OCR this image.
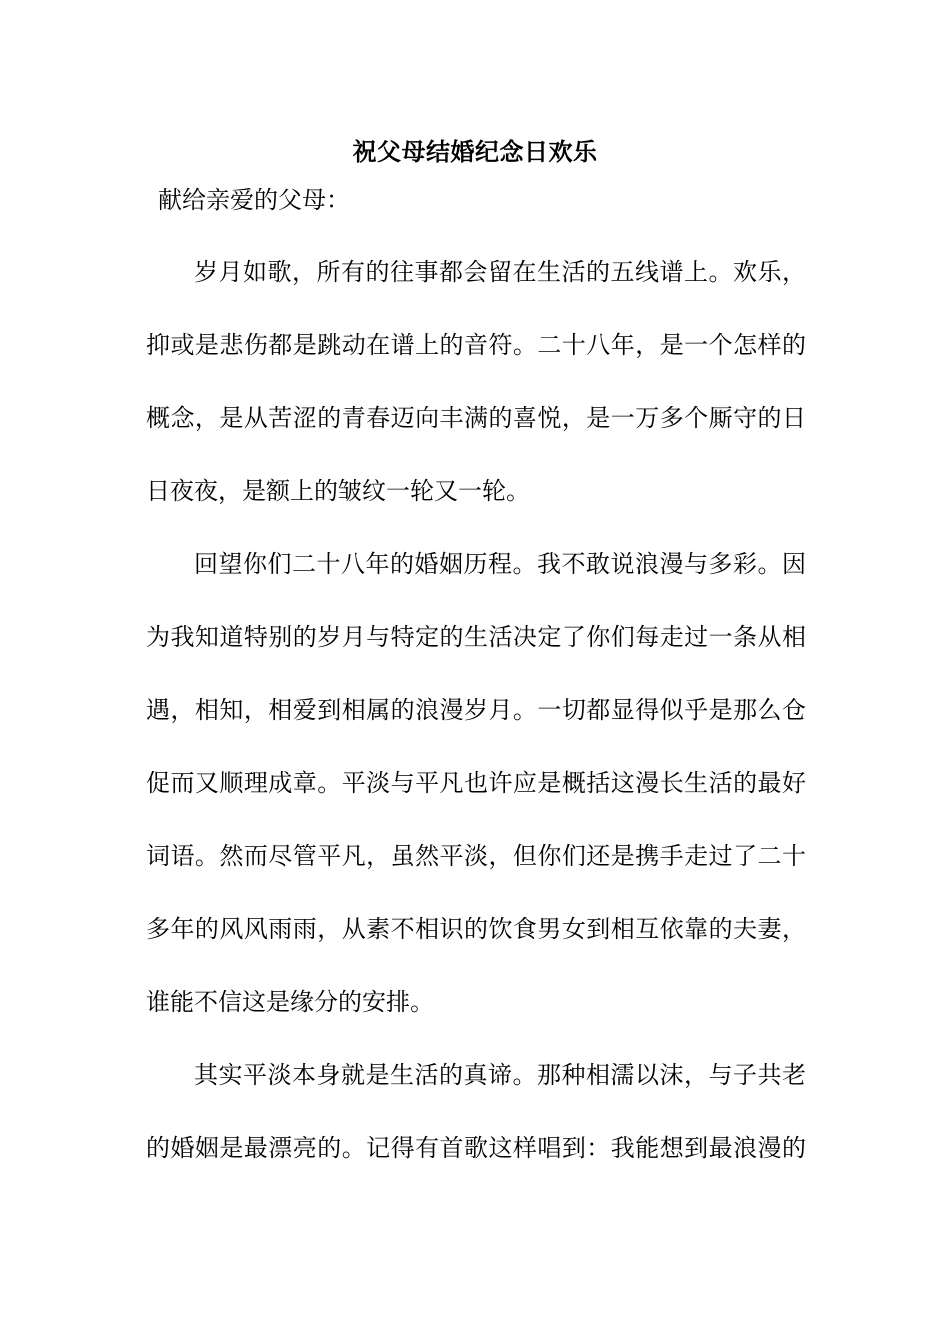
祝父母结婚纪念日欢乐
献给亲爱的父母：
岁月如歌，所有的往事都会留在生活的五线谱上。欢乐，
抑或是悲伤都是跳动在谱上的音符。二十八年，是一个怎样的
概念，是从苦涩的青春迈向丰满的喜悦，是一万多个厮守的日
日夜夜，是额上的皱纹一轮又一轮。
回望你们二十八年的婚姻历程。我不敢说浪漫与多彩。因
为我知道特别的岁月与特定的生活决定了你们每走过一条从相
遇，相知，相爱到相属的浪漫岁月。一切都显得似乎是那么仓
促而又顺理成章。平淡与平凡也许应是概括这漫长生活的最好
词语。然而尽管平凡，虽然平淡，但你们还是携手走过了二十
多年的风风雨雨，从素不相识的饮食男女到相互依靠的夫妻，
谁能不信这是缘分的安排。
其实平淡本身就是生活的真谛。那种相濡以沫，与子共老
的婚姻是最漂亮的。记得有首歌这样唱到：我能想到最浪漫的
